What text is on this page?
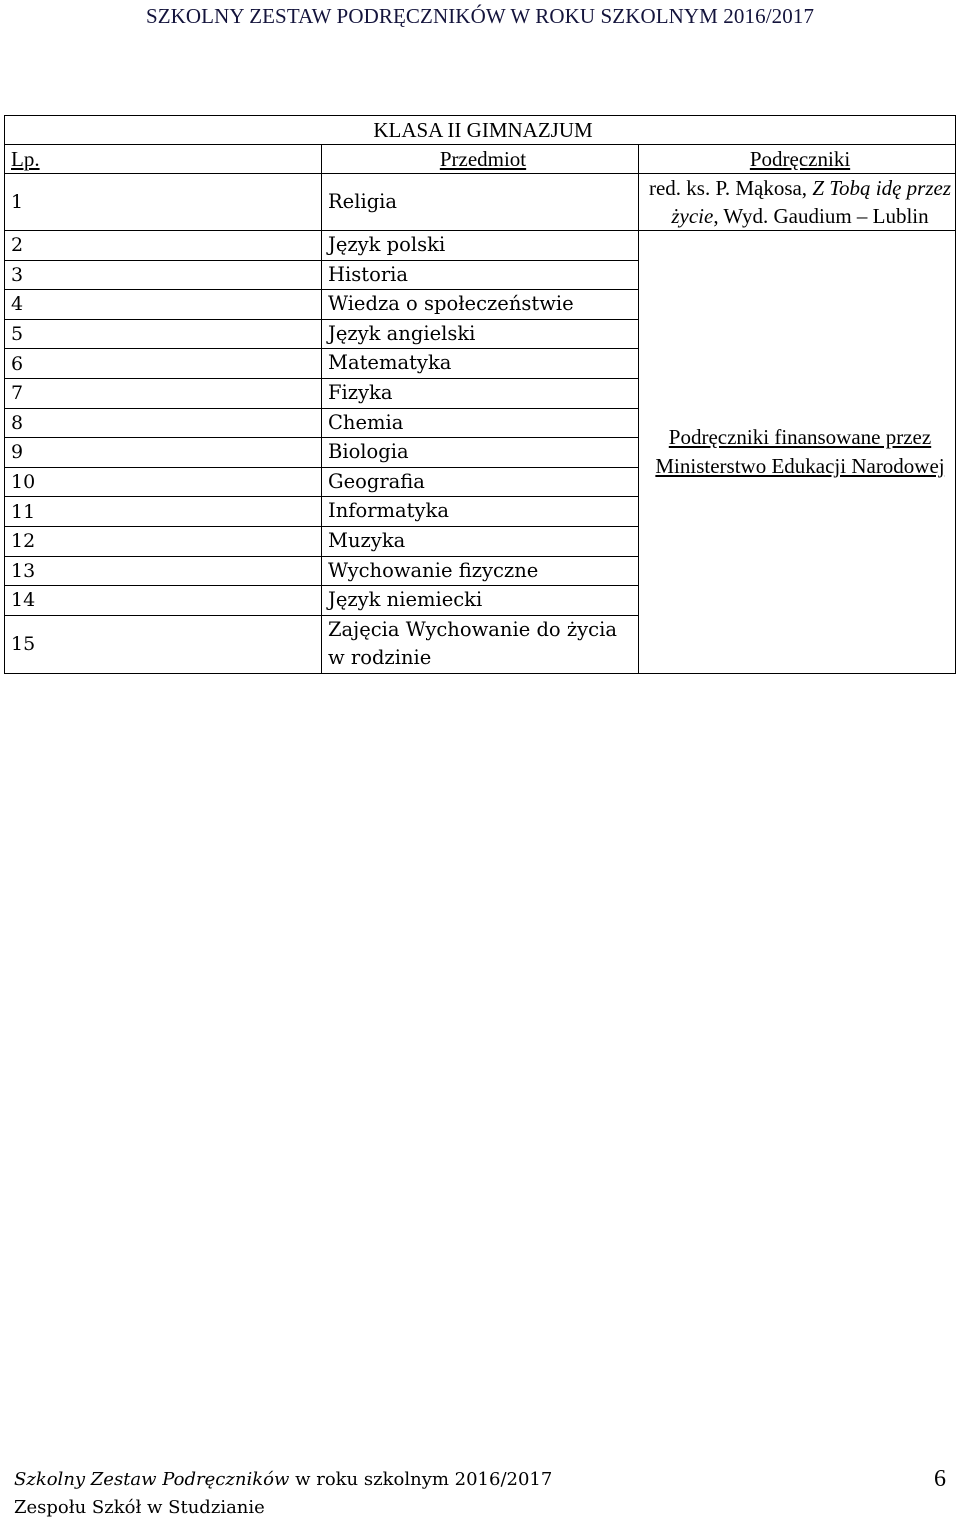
SZKOLNY ZESTAW PODRĘCZNIKÓW W ROKU SZKOLNYM 2016/2017
KLASA II GIMNAZJUM		
Lp.	Przedmiot	Podręczniki
1	Religia	red. ks. P. Mąkosa, Z Tobą idę przez życie, Wyd. Gaudium – Lublin
2	Język polski	Podręczniki finansowane przez Ministerstwo Edukacji Narodowej
3	Historia	
4	Wiedza o społeczeństwie	
5	Język angielski	
6	Matematyka	
7	Fizyka	
8	Chemia	
9	Biologia	
10	Geografia	
11	Informatyka	
12	Muzyka	
13	Wychowanie fizyczne	
14	Język niemiecki	
15	Zajęcia Wychowanie do życia w rodzinie	
Szkolny Zestaw Podręczników w roku szkolnym 2016/2017
Zespołu Szkół w Studzianie
6
